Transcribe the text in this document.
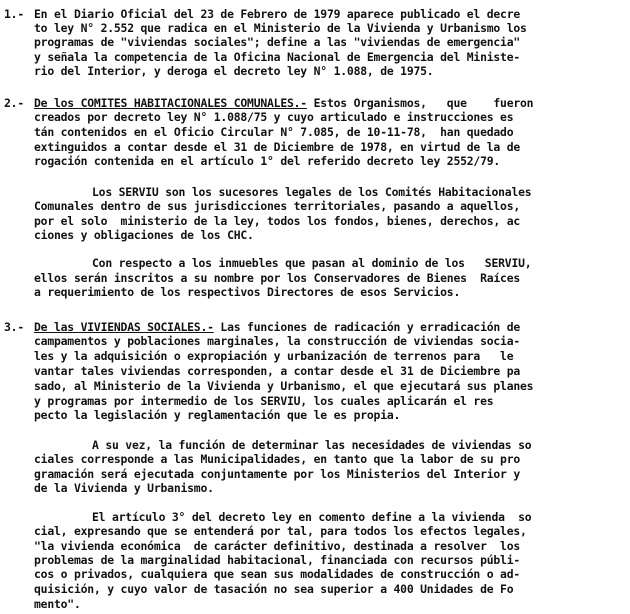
1.- En el Diario Oficial del 23 de Febrero de 1979 aparece publicado el decre
to ley N° 2.552 que radica en el Ministerio de la Vivienda y Urbanismo los
programas de "viviendas sociales"; define a las "viviendas de emergencia"
y señala la competencia de la Oficina Nacional de Emergencia del Ministe-
rio del Interior, y deroga el decreto ley N° 1.088, de 1975.
2.- De los COMITES HABITACIONALES COMUNALES.- Estos Organismos,   que    fueron
creados por decreto ley N° 1.088/75 y cuyo articulado e instrucciones es
tán contenidos en el Oficio Circular N° 7.085, de 10-11-78,  han quedado
extinguidos a contar desde el 31 de Diciembre de 1978, en virtud de la de
rogación contenida en el artículo 1° del referido decreto ley 2552/79.
Los SERVIU son los sucesores legales de los Comités Habitacionales
Comunales dentro de sus jurisdicciones territoriales, pasando a aquellos,
por el solo  ministerio de la ley, todos los fondos, bienes, derechos, ac
ciones y obligaciones de los CHC.
Con respecto a los inmuebles que pasan al dominio de los   SERVIU,
ellos serán inscritos a su nombre por los Conservadores de Bienes  Raíces
a requerimiento de los respectivos Directores de esos Servicios.
3.- De las VIVIENDAS SOCIALES.- Las funciones de radicación y erradicación de
campamentos y poblaciones marginales, la construcción de viviendas socia-
les y la adquisición o expropiación y urbanización de terrenos para   le
vantar tales viviendas corresponden, a contar desde el 31 de Diciembre pa
sado, al Ministerio de la Vivienda y Urbanismo, el que ejecutará sus planes
y programas por intermedio de los SERVIU, los cuales aplicarán el res
pecto la legislación y reglamentación que le es propia.
A su vez, la función de determinar las necesidades de viviendas so
ciales corresponde a las Municipalidades, en tanto que la labor de su pro
gramación será ejecutada conjuntamente por los Ministerios del Interior y
de la Vivienda y Urbanismo.
El artículo 3° del decreto ley en comento define a la vivienda  so
cial, expresando que se entenderá por tal, para todos los efectos legales,
"la vivienda económica  de carácter definitivo, destinada a resolver  los
problemas de la marginalidad habitacional, financiada con recursos públi-
cos o privados, cualquiera que sean sus modalidades de construcción o ad-
quisición, y cuyo valor de tasación no sea superior a 400 Unidades de Fo
mento".
